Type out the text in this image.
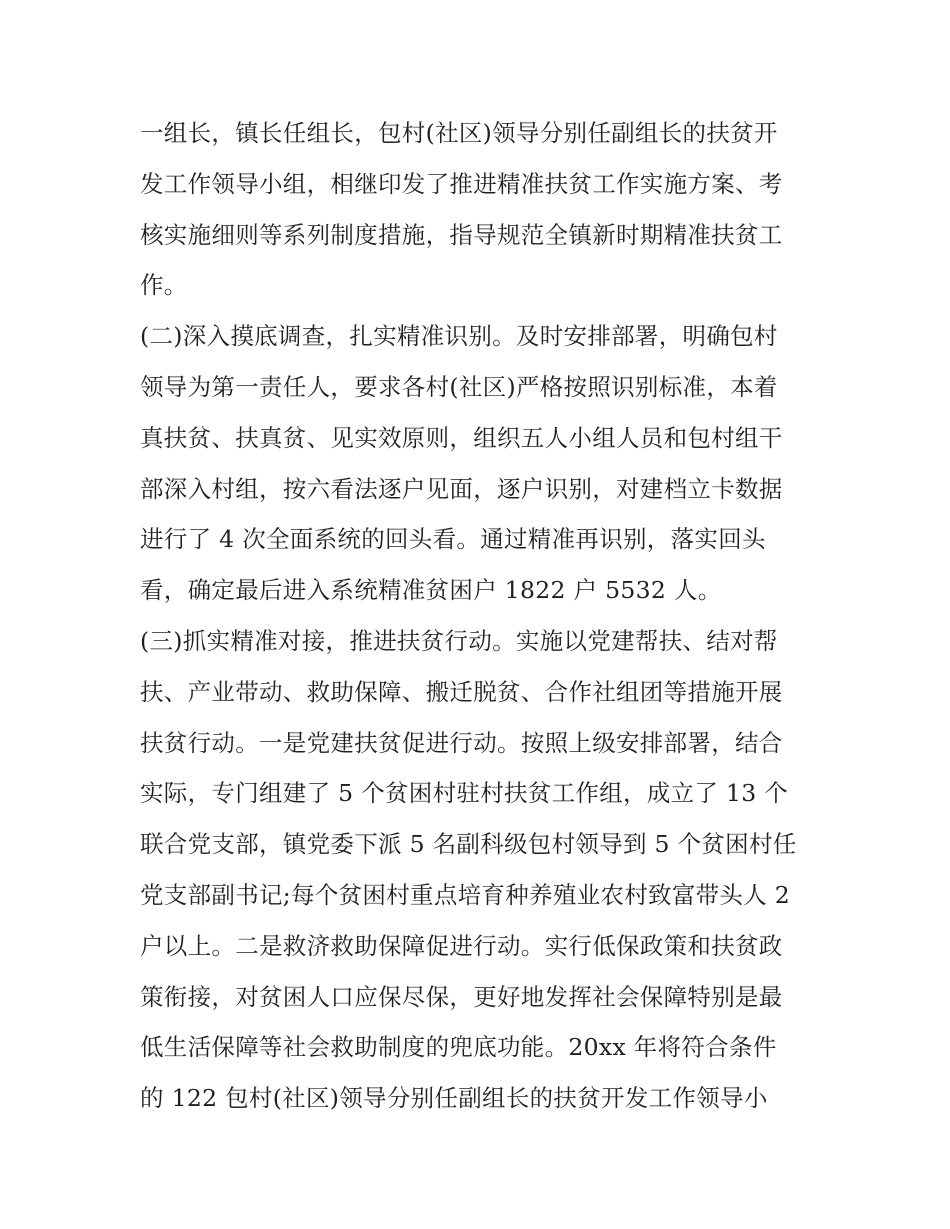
一组长，镇长任组长，包村(社区)领导分别任副组长的扶贫开
发工作领导小组，相继印发了推进精准扶贫工作实施方案、考
核实施细则等系列制度措施，指导规范全镇新时期精准扶贫工
作。
(二)深入摸底调查，扎实精准识别。及时安排部署，明确包村
领导为第一责任人，要求各村(社区)严格按照识别标准，本着
真扶贫、扶真贫、见实效原则，组织五人小组人员和包村组干
部深入村组，按六看法逐户见面，逐户识别，对建档立卡数据
进行了 4 次全面系统的回头看。通过精准再识别，落实回头
看，确定最后进入系统精准贫困户 1822 户 5532 人。
(三)抓实精准对接，推进扶贫行动。实施以党建帮扶、结对帮
扶、产业带动、救助保障、搬迁脱贫、合作社组团等措施开展
扶贫行动。一是党建扶贫促进行动。按照上级安排部署，结合
实际，专门组建了 5 个贫困村驻村扶贫工作组，成立了 13 个
联合党支部，镇党委下派 5 名副科级包村领导到 5 个贫困村任
党支部副书记;每个贫困村重点培育种养殖业农村致富带头人 2
户以上。二是救济救助保障促进行动。实行低保政策和扶贫政
策衔接，对贫困人口应保尽保，更好地发挥社会保障特别是最
低生活保障等社会救助制度的兜底功能。20xx 年将符合条件
的 122 包村(社区)领导分别任副组长的扶贫开发工作领导小
